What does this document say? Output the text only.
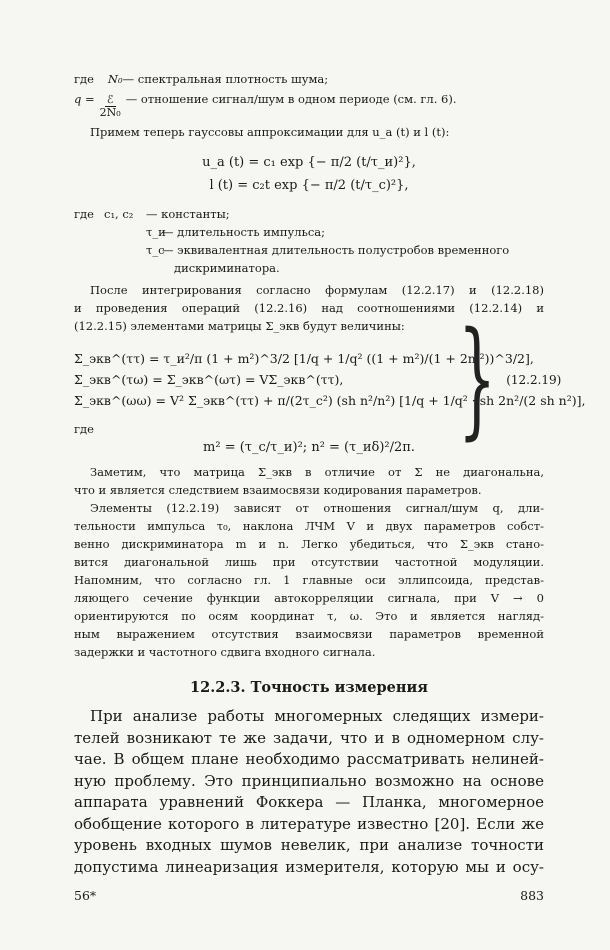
где N₀ — спектральная плотность шума;
$q = \frac{\text{ℰ}}{\text{2N₀}}$ — отношение сигнал/шум в одном периоде (см. гл. 6).
Примем теперь гауссовы аппроксимации для u_а (t) и l (t):
u_а (t) = c₁ exp {− π/2 (t/τ_и)²},
l (t) = c₂t exp {− π/2 (t/τ_c)²},
где c₁, c₂	— константы;
τ_и
— длительность импульса;
τ_c
— эквивалентная длительность полустробов временного
дискриминатора.
После интегрирования согласно формулам (12.2.17) и (12.2.18)
и проведения операций (12.2.16) над соотношениями (12.2.14) и
(12.2.15) элементами матрицы Σ_экв будут величины:
Σ_экв^(ττ) = τ_и²/π (1 + m²)^3/2 [1/q + 1/q² ((1 + m²)/(1 + 2m²))^3/2],
Σ_экв^(τω) = Σ_экв^(ωτ) = VΣ_экв^(ττ),
Σ_экв^(ωω) = V² Σ_экв^(ττ) + π/(2τ_c²) (sh n²/n²) [1/q + 1/q² · sh 2n²/(2 sh n²)],
} (12.2.19)
где
m² = (τ_c/τ_и)²; n² = (τ_иδ)²/2π.
Заметим, что матрица Σ_экв в отличие от Σ не диагональна,
что и является следствием взаимосвязи кодирования параметров.
Элементы (12.2.19) зависят от отношения сигнал/шум q, дли-
тельности импульса τ₀, наклона ЛЧМ V и двух параметров собст-
венно дискриминатора m и n. Легко убедиться, что Σ_экв стано-
вится диагональной лишь при отсутствии частотной модуляции.
Напомним, что согласно гл. 1 главные оси эллипсоида, представ-
ляющего сечение функции автокорреляции сигнала, при V → 0
ориентируются по осям координат τ, ω. Это и является нагляд-
ным выражением отсутствия взаимосвязи параметров временной
задержки и частотного сдвига входного сигнала.
12.2.3. Точность измерения
При анализе работы многомерных следящих измери-
телей возникают те же задачи, что и в одномерном слу-
чае. В общем плане необходимо рассматривать нелиней-
ную проблему. Это принципиально возможно на основе
аппарата уравнений Фоккера — Планка, многомерное
обобщение которого в литературе известно [20]. Если же
уровень входных шумов невелик, при анализе точности
допустима линеаризация измерителя, которую мы и осу-
56*	883
